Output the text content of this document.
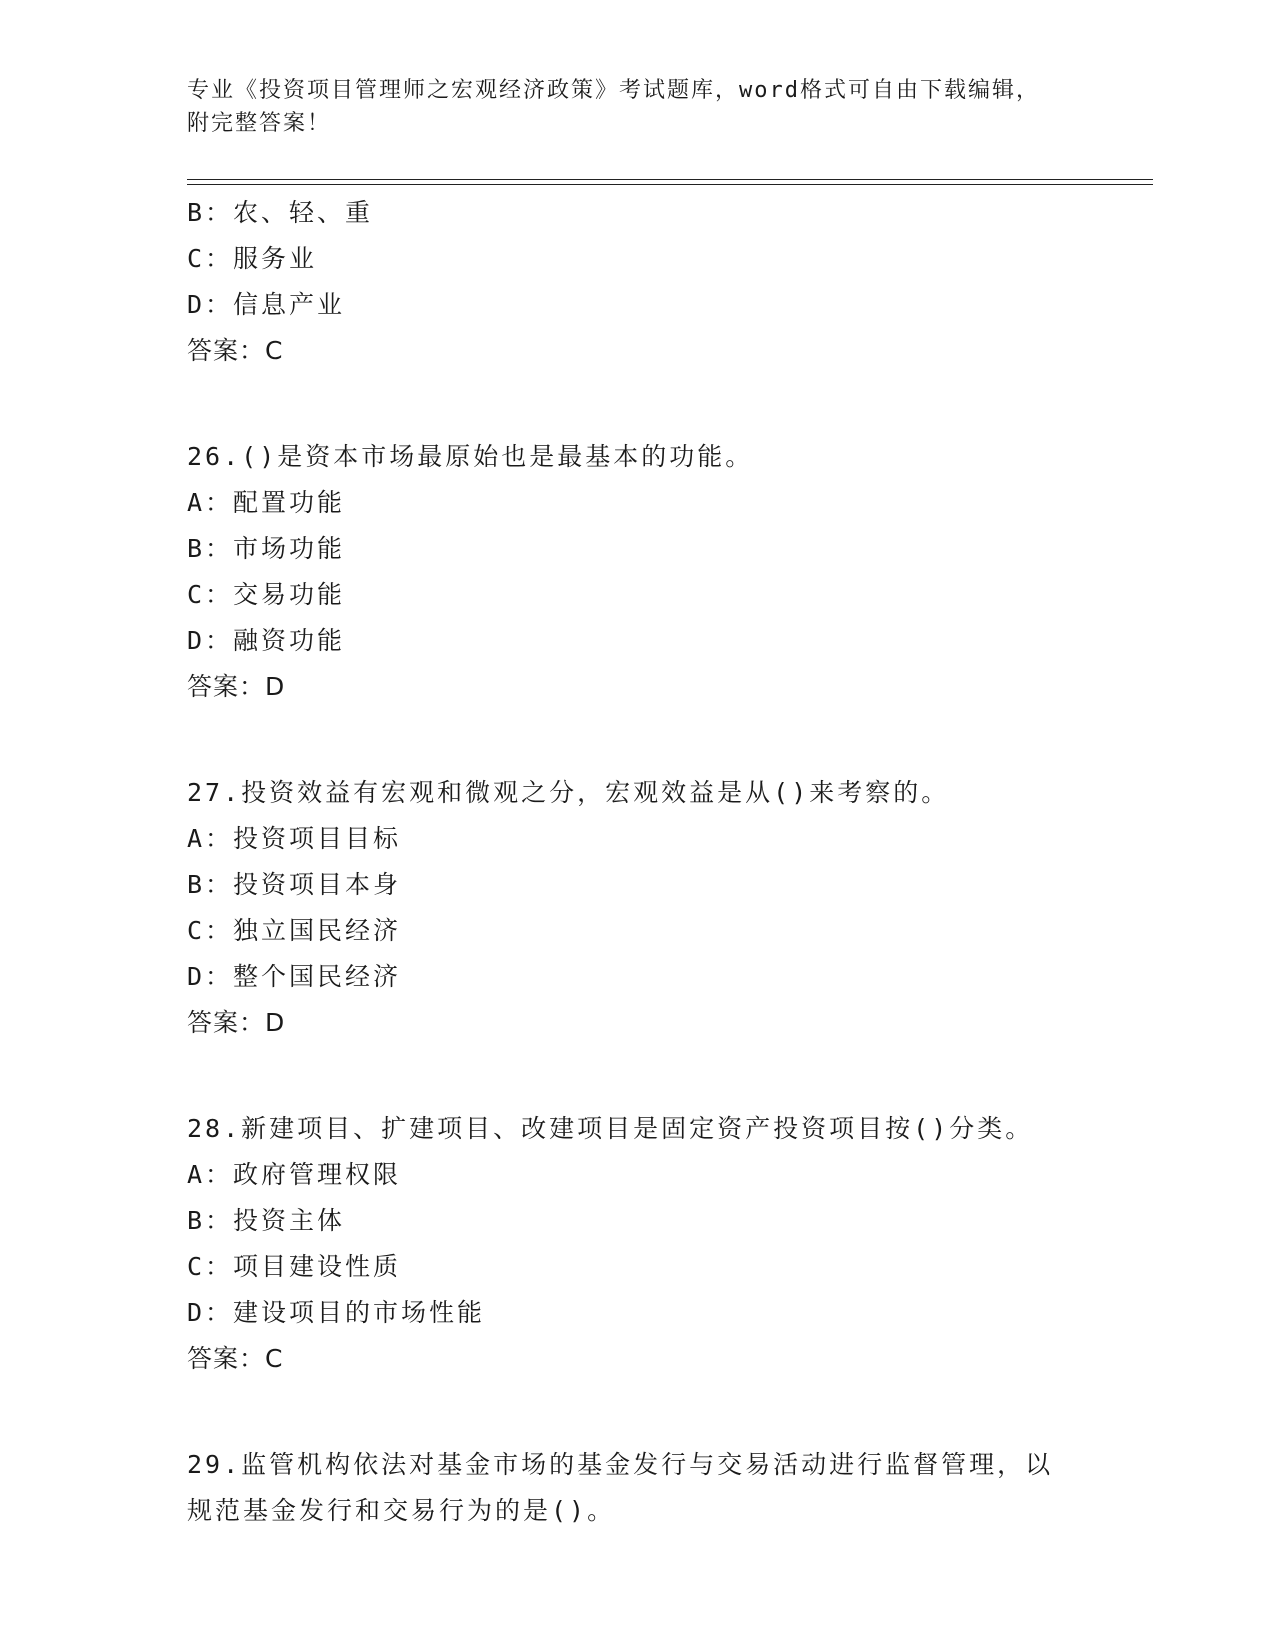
专业《投资项目管理师之宏观经济政策》考试题库，word格式可自由下载编辑，
附完整答案！
B：农、轻、重
C：服务业
D：信息产业
答案：C
26.()是资本市场最原始也是最基本的功能。
A：配置功能
B：市场功能
C：交易功能
D：融资功能
答案：D
27.投资效益有宏观和微观之分，宏观效益是从()来考察的。
A：投资项目目标
B：投资项目本身
C：独立国民经济
D：整个国民经济
答案：D
28.新建项目、扩建项目、改建项目是固定资产投资项目按()分类。
A：政府管理权限
B：投资主体
C：项目建设性质
D：建设项目的市场性能
答案：C
29.监管机构依法对基金市场的基金发行与交易活动进行监督管理，以
规范基金发行和交易行为的是()。
